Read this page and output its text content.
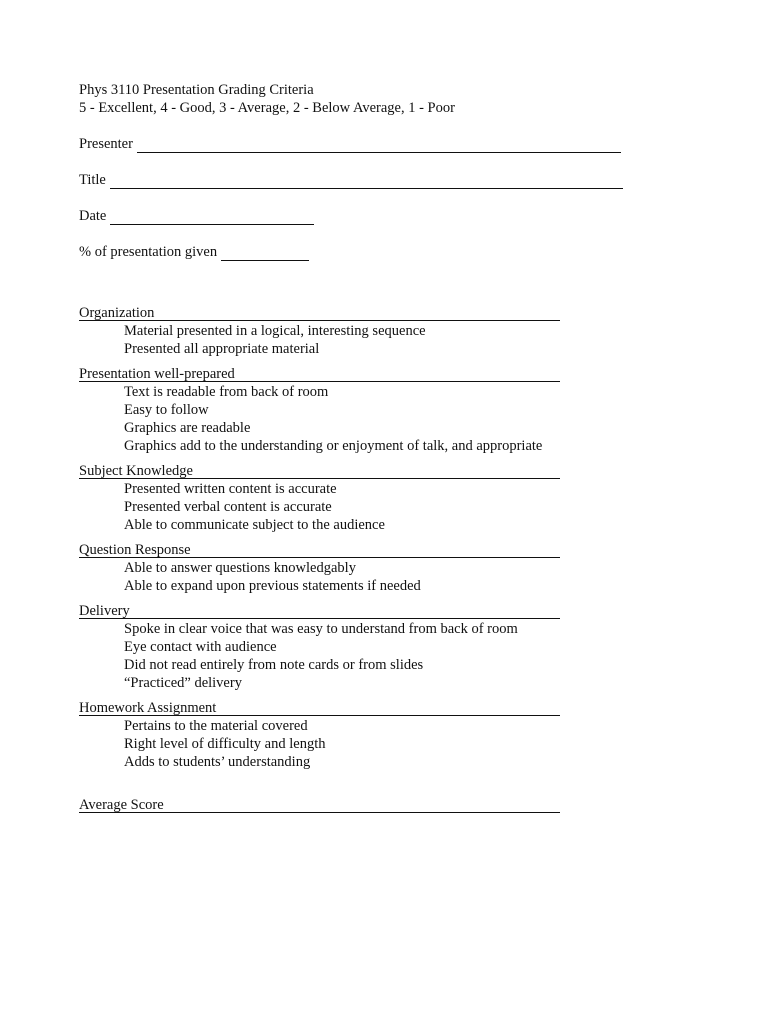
Phys 3110 Presentation Grading Criteria
5 - Excellent, 4 - Good, 3 - Average, 2 - Below Average, 1 - Poor
Presenter
Title
Date
% of presentation given
Organization
Material presented in a logical, interesting sequence
Presented all appropriate material
Presentation well-prepared
Text is readable from back of room
Easy to follow
Graphics are readable
Graphics add to the understanding or enjoyment of talk, and appropriate
Subject Knowledge
Presented written content is accurate
Presented verbal content is accurate
Able to communicate subject to the audience
Question Response
Able to answer questions knowledgably
Able to expand upon previous statements if needed
Delivery
Spoke in clear voice that was easy to understand from back of room
Eye contact with audience
Did not read entirely from note cards or from slides
“Practiced” delivery
Homework Assignment
Pertains to the material covered
Right level of difficulty and length
Adds to students’ understanding
Average Score
